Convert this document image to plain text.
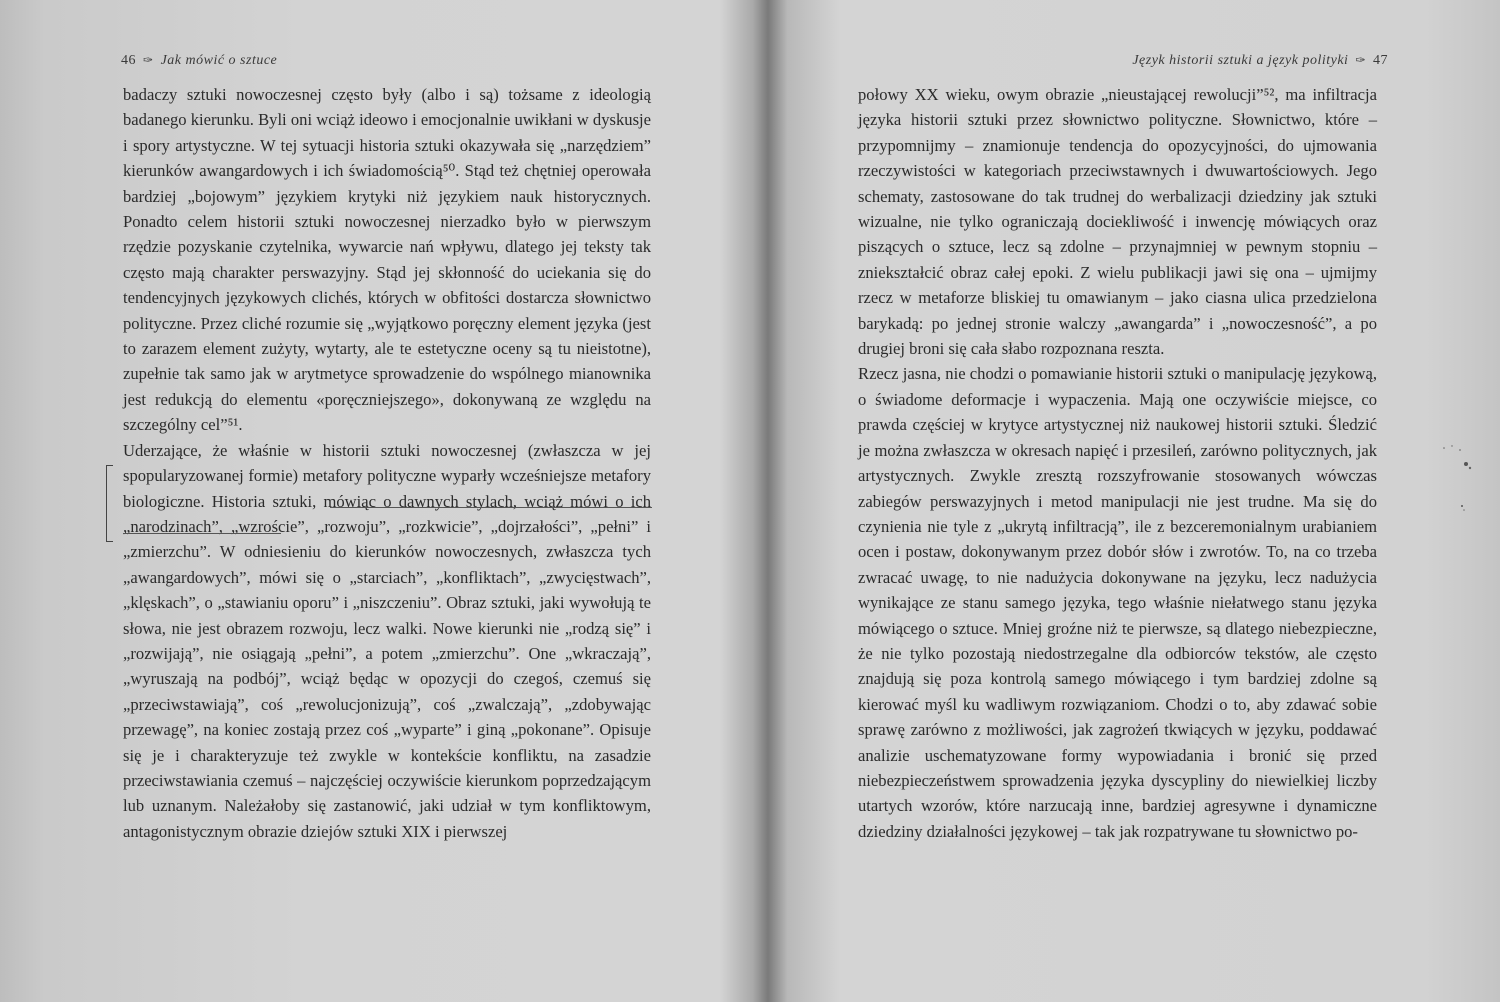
46 ✑ Jak mówić o sztuce

badaczy sztuki nowoczesnej często były (albo i są) tożsame z ideologią badanego kierunku. Byli oni wciąż ideowo i emocjonalnie uwikłani w dyskusje i spory artystyczne. W tej sytuacji historia sztuki okazywała się „narzędziem” kierunków awangardowych i ich świadomością⁵⁰. Stąd też chętniej operowała bardziej „bojowym” językiem krytyki niż językiem nauk historycznych. Ponadto celem historii sztuki nowoczesnej nierzadko było w pierwszym rzędzie pozyskanie czytelnika, wywarcie nań wpływu, dlatego jej teksty tak często mają charakter perswazyjny. Stąd jej skłonność do uciekania się do tendencyjnych językowych clichés, których w obfitości dostarcza słownictwo polityczne. Przez cliché rozumie się „wyjątkowo poręczny element języka (jest to zarazem element zużyty, wytarty, ale te estetyczne oceny są tu nieistotne), zupełnie tak samo jak w arytmetyce sprowadzenie do wspólnego mianownika jest redukcją do elementu «poręczniejszego», dokonywaną ze względu na szczególny cel”⁵¹.

Uderzające, że właśnie w historii sztuki nowoczesnej (zwłaszcza w jej spopularyzowanej formie) metafory polityczne wyparły wcześniejsze metafory biologiczne. Historia sztuki, mówiąc o dawnych stylach, wciąż mówi o ich „narodzinach”, „wzroście”, „rozwoju”, „rozkwicie”, „dojrzałości”, „pełni” i „zmierzchu”. W odniesieniu do kierunków nowoczesnych, zwłaszcza tych „awangardowych”, mówi się o „starciach”, „konfliktach”, „zwycięstwach”, „klęskach”, o „stawianiu oporu” i „niszczeniu”. Obraz sztuki, jaki wywołują te słowa, nie jest obrazem rozwoju, lecz walki. Nowe kierunki nie „rodzą się” i „rozwijają”, nie osiągają „pełni”, a potem „zmierzchu”. One „wkraczają”, „wyruszają na podbój”, wciąż będąc w opozycji do czegoś, czemuś się „przeciwstawiają”, coś „rewolucjonizują”, coś „zwalczają”, „zdobywając przewagę”, na koniec zostają przez coś „wyparte” i giną „pokonane”. Opisuje się je i charakteryzuje też zwykle w kontekście konfliktu, na zasadzie przeciwstawiania czemuś – najczęściej oczywiście kierunkom poprzedzającym lub uznanym. Należałoby się zastanowić, jaki udział w tym konfliktowym, antagonistycznym obrazie dziejów sztuki XIX i pierwszej

Język historii sztuki a język polityki ✑ 47

połowy XX wieku, owym obrazie „nieustającej rewolucji”⁵², ma infiltracja języka historii sztuki przez słownictwo polityczne. Słownictwo, które – przypomnijmy – znamionuje tendencja do opozycyjności, do ujmowania rzeczywistości w kategoriach przeciwstawnych i dwuwartościowych. Jego schematy, zastosowane do tak trudnej do werbalizacji dziedziny jak sztuki wizualne, nie tylko ograniczają dociekliwość i inwencję mówiących oraz piszących o sztuce, lecz są zdolne – przynajmniej w pewnym stopniu – zniekształcić obraz całej epoki. Z wielu publikacji jawi się ona – ujmijmy rzecz w metaforze bliskiej tu omawianym – jako ciasna ulica przedzielona barykadą: po jednej stronie walczy „awangarda” i „nowoczesność”, a po drugiej broni się cała słabo rozpoznana reszta.

Rzecz jasna, nie chodzi o pomawianie historii sztuki o manipulację językową, o świadome deformacje i wypaczenia. Mają one oczywiście miejsce, co prawda częściej w krytyce artystycznej niż naukowej historii sztuki. Śledzić je można zwłaszcza w okresach napięć i przesileń, zarówno politycznych, jak artystycznych. Zwykle zresztą rozszyfrowanie stosowanych wówczas zabiegów perswazyjnych i metod manipulacji nie jest trudne. Ma się do czynienia nie tyle z „ukrytą infiltracją”, ile z bezceremonialnym urabianiem ocen i postaw, dokonywanym przez dobór słów i zwrotów. To, na co trzeba zwracać uwagę, to nie nadużycia dokonywane na języku, lecz nadużycia wynikające ze stanu samego języka, tego właśnie niełatwego stanu języka mówiącego o sztuce. Mniej groźne niż te pierwsze, są dlatego niebezpieczne, że nie tylko pozostają niedostrzegalne dla odbiorców tekstów, ale często znajdują się poza kontrolą samego mówiącego i tym bardziej zdolne są kierować myśl ku wadliwym rozwiązaniom. Chodzi o to, aby zdawać sobie sprawę zarówno z możliwości, jak zagrożeń tkwiących w języku, poddawać analizie uschematyzowane formy wypowiadania i bronić się przed niebezpieczeństwem sprowadzenia języka dyscypliny do niewielkiej liczby utartych wzorów, które narzucają inne, bardziej agresywne i dynamiczne dziedziny działalności językowej – tak jak rozpatrywane tu słownictwo po-
